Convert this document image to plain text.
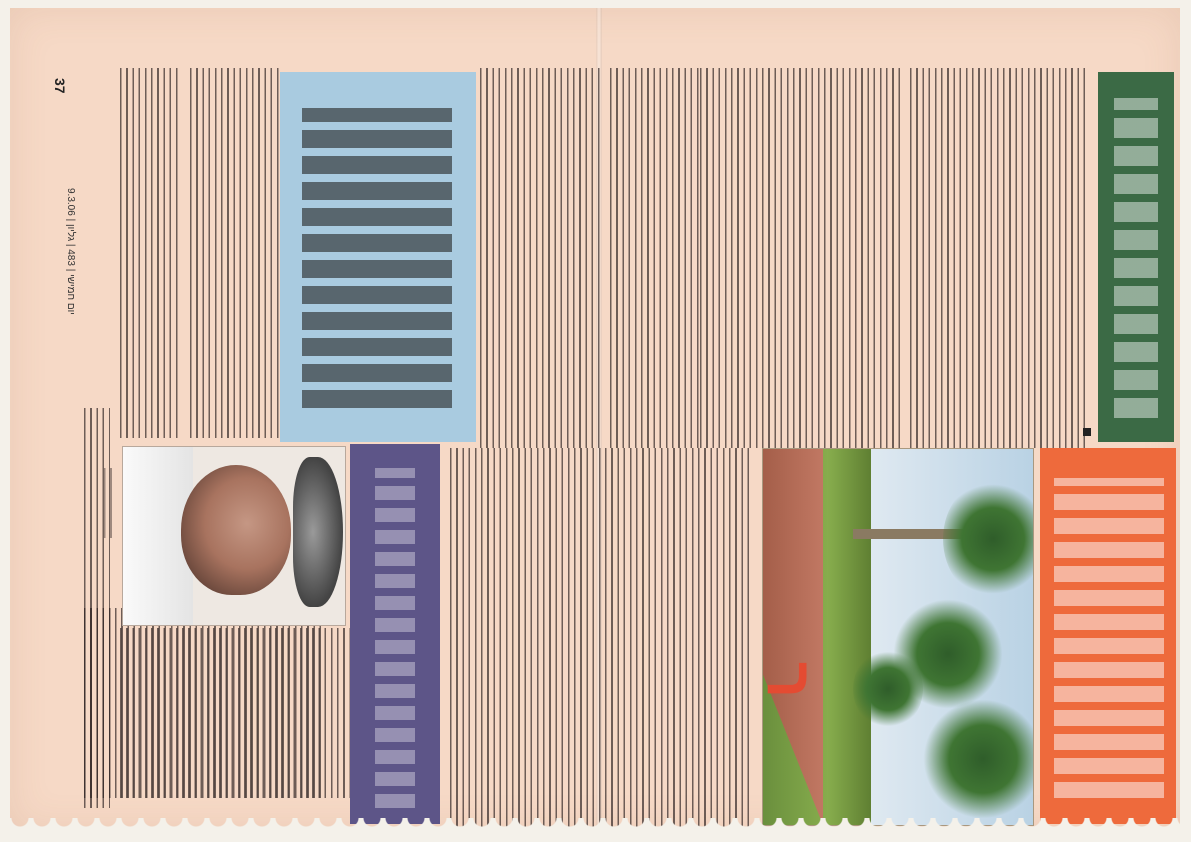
37
9.3.06 | יום חמישי | 483 | גליון
ר
